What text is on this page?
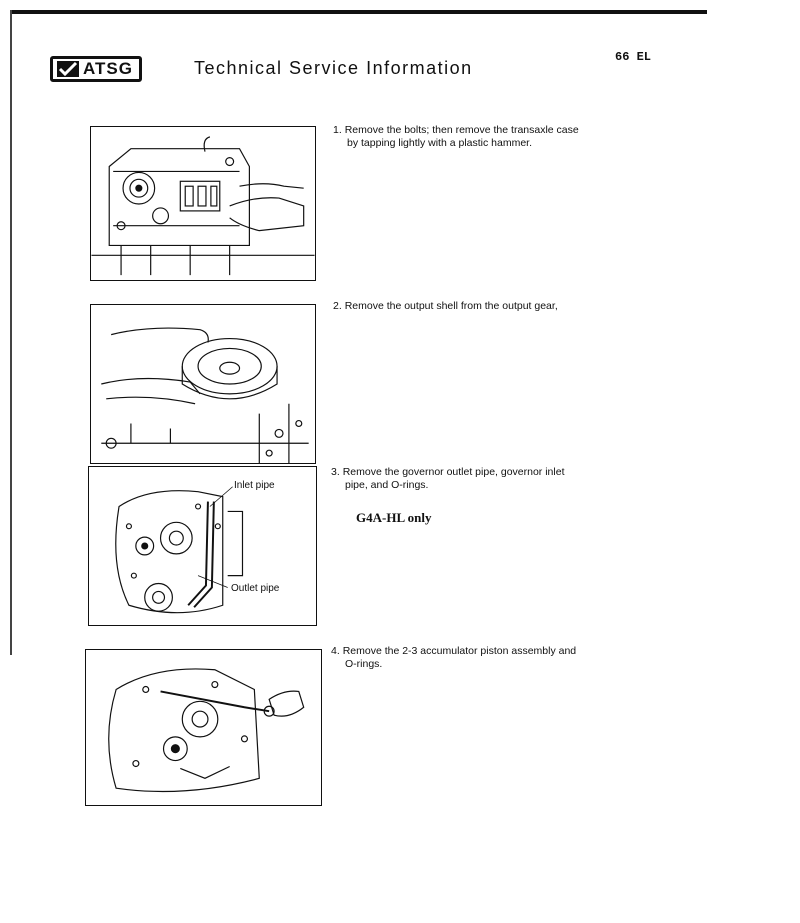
ATSG	Technical Service Information
66 EL
Inlet pipe
Outlet pipe
1. Remove the bolts; then remove the transaxle case
by tapping lightly with a plastic hammer.
2. Remove the output shell from the output gear,
3. Remove the governor outlet pipe, governor inlet
pipe, and O-rings.
G4A-HL only
4. Remove the 2-3 accumulator piston assembly and
O-rings.
